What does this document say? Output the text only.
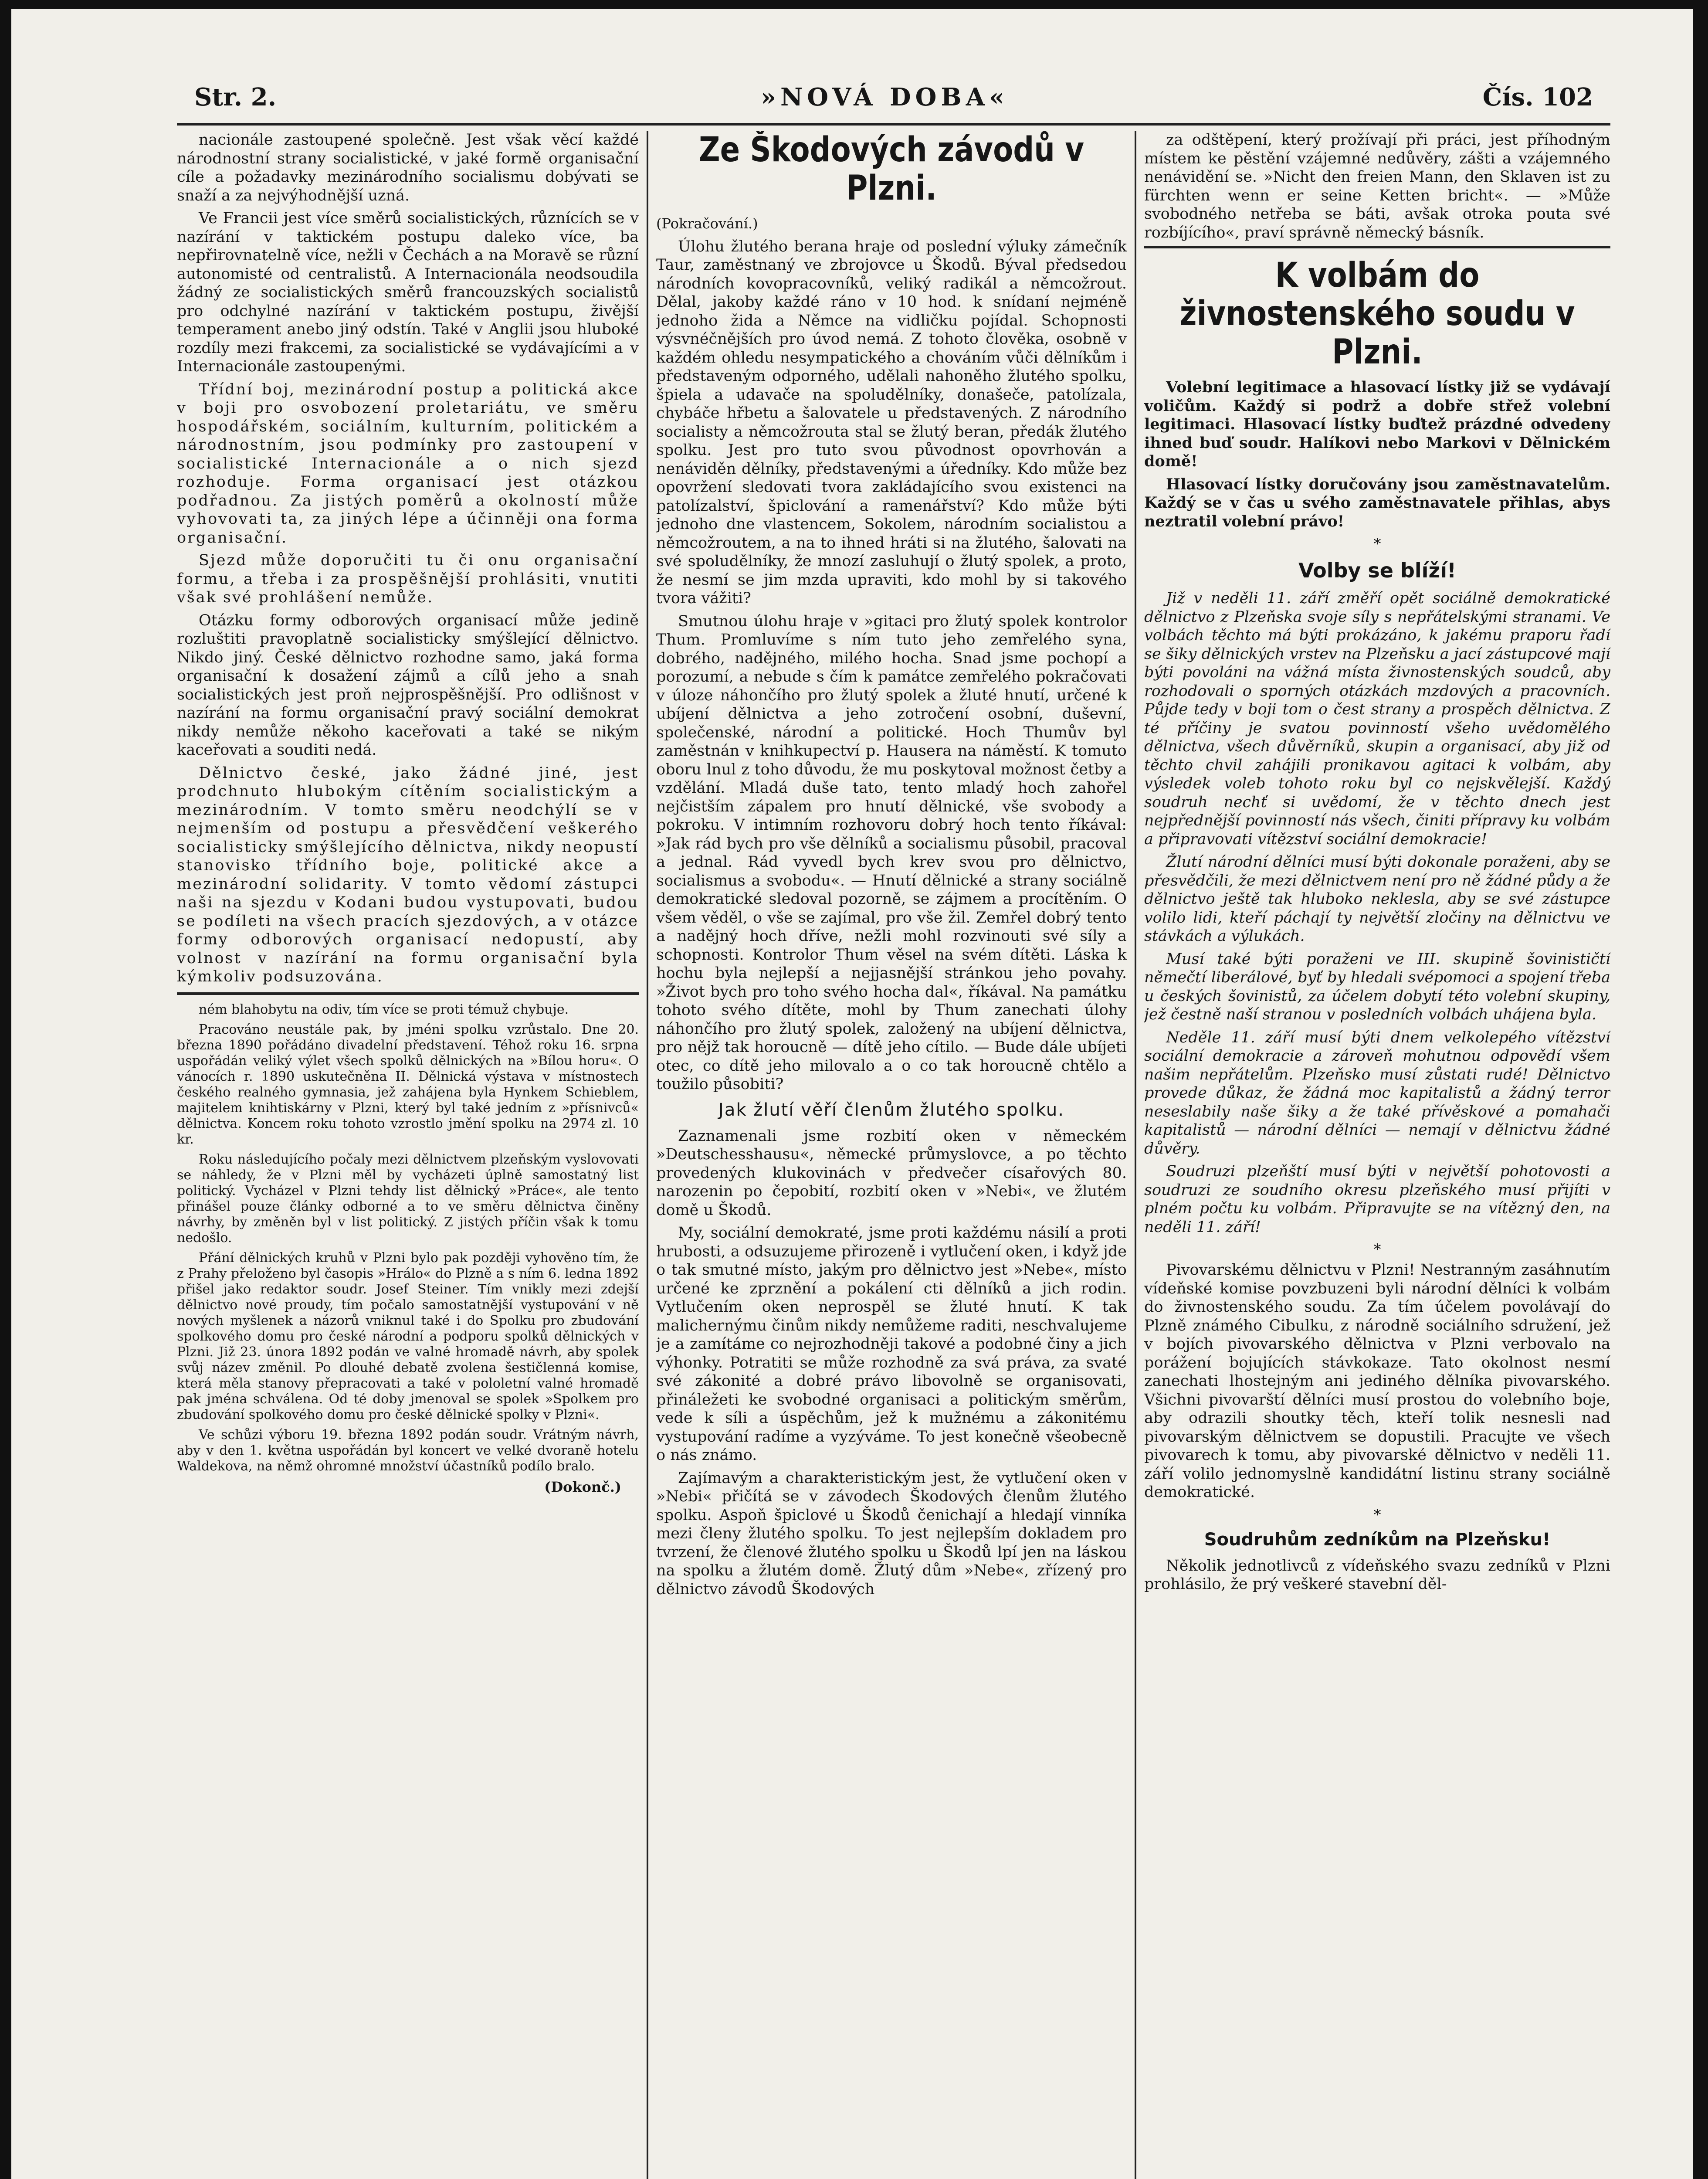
Str. 2.	»NOVÁ DOBA«	Čís. 102

nacionále zastoupené společně. Jest však věcí každé národnostní strany socialistické, v jaké formě organisační cíle a požadavky mezinárodního socialismu dobývati se snaží a za nejvýhodnější uzná.

Ve Francii jest více směrů socialistických, různících se v nazírání v taktickém postupu daleko více, ba nepřirovnatelně více, nežli v Čechách a na Moravě se různí autonomisté od centralistů. A Internacionála neodsoudila žádný ze socialistických směrů francouzských socialistů pro odchylné nazírání v taktickém postupu, živější temperament anebo jiný odstín. Také v Anglii jsou hluboké rozdíly mezi frakcemi, za socialistické se vydávajícími a v Internacionále zastoupenými.

Třídní boj, mezinárodní postup a politická akce v boji pro osvobození proletariátu, ve směru hospodářském, sociálním, kulturním, politickém a národnostním, jsou podmínky pro zastoupení v socialistické Internacionále a o nich sjezd rozhoduje. Forma organisací jest otázkou podřadnou. Za jistých poměrů a okolností může vyhovovati ta, za jiných lépe a účinněji ona forma organisační.

Sjezd může doporučiti tu či onu organisační formu, a třeba i za prospěšnější prohlásiti, vnutiti však své prohlášení nemůže.

Otázku formy odborových organisací může jedině rozluštiti pravoplatně socialisticky smýšlející dělnictvo. Nikdo jiný. České dělnictvo rozhodne samo, jaká forma organisační k dosažení zájmů a cílů jeho a snah socialistických jest proň nejprospěšnější. Pro odlišnost v nazírání na formu organisační pravý sociální demokrat nikdy nemůže někoho kaceřovati a také se nikým kaceřovati a souditi nedá.

Dělnictvo české, jako žádné jiné, jest prodchnuto hlubokým cítěním socialistickým a mezinárodním. V tomto směru neodchýlí se v nejmenším od postupu a přesvědčení veškerého socialisticky smýšlejícího dělnictva, nikdy neopustí stanovisko třídního boje, politické akce a mezinárodní solidarity. V tomto vědomí zástupci naši na sjezdu v Kodani budou vystupovati, budou se podíleti na všech pracích sjezdových, a v otázce formy odborových organisací nedopustí, aby volnost v nazírání na formu organisační byla kýmkoliv podsuzována.

ném blahobytu na odiv, tím více se proti témuž chybuje.

Pracováno neustále pak, by jméni spolku vzrůstalo. Dne 20. března 1890 pořádáno divadelní představení. Téhož roku 16. srpna uspořádán veliký výlet všech spolků dělnických na »Bílou horu«. O vánocích r. 1890 uskutečněna II. Dělnická výstava v místnostech českého realného gymnasia, jež zahájena byla Hynkem Schieblem, majitelem knihtiskárny v Plzni, který byl také jedním z »přísnivců« dělnictva. Koncem roku tohoto vzrostlo jmění spolku na 2974 zl. 10 kr.

Roku následujícího počaly mezi dělnictvem plzeňským vyslovovati se náhledy, že v Plzni měl by vycházeti úplně samostatný list politický. Vycházel v Plzni tehdy list dělnický »Práce«, ale tento přinášel pouze články odborné a to ve směru dělnictva činěny návrhy, by změněn byl v list politický. Z jistých příčin však k tomu nedošlo.

Přání dělnických kruhů v Plzni bylo pak později vyhověno tím, že z Prahy přeloženo byl časopis »Hrálo« do Plzně a s ním 6. ledna 1892 přišel jako redaktor soudr. Josef Steiner. Tím vnikly mezi zdejší dělnictvo nové proudy, tím počalo samostatnější vystupování v ně nových myšlenek a názorů vniknul také i do Spolku pro zbudování spolkového domu pro české národní a podporu spolků dělnických v Plzni. Již 23. února 1892 podán ve valné hromadě návrh, aby spolek svůj název změnil. Po dlouhé debatě zvolena šestičlenná komise, která měla stanovy přepracovati a také v pololetní valné hromadě pak jména schválena. Od té doby jmenoval se spolek »Spolkem pro zbudování spolkového domu pro české dělnické spolky v Plzni«.

Ve schůzi výboru 19. března 1892 podán soudr. Vrátným návrh, aby v den 1. května uspořádán byl koncert ve velké dvoraně hotelu Waldekova, na němž ohromné množství účastníků podílo bralo.

(Dokonč.)
Ze Škodových závodů v Plzni.

(Pokračování.)

Úlohu žlutého berana hraje od poslední výluky zámečník Taur, zaměstnaný ve zbrojovce u Škodů. Býval předsedou národních kovopracovníků, veliký radikál a němcožrout. Dělal, jakoby každé ráno v 10 hod. k snídaní nejméně jednoho žida a Němce na vidličku pojídal. Schopnosti výsvnéčnějších pro úvod nemá. Z tohoto člověka, osobně v každém ohledu nesympatického a chováním vůči dělníkům i představeným odporného, udělali nahoněho žlutého spolku, špiela a udavače na spoludělníky, donašeče, patolízala, chybáče hřbetu a šalovatele u představených. Z národního socialisty a němcožrouta stal se žlutý beran, předák žlutého spolku. Jest pro tuto svou původnost opovrhován a nenáviděn dělníky, představenými a úředníky. Kdo může bez opovržení sledovati tvora zakládajícího svou existenci na patolízalství, špiclování a ramenářství? Kdo může býti jednoho dne vlastencem, Sokolem, národním socialistou a němcožroutem, a na to ihned hráti si na žlutého, šalovati na své spoludělníky, že mnozí zasluhují o žlutý spolek, a proto, že nesmí se jim mzda upraviti, kdo mohl by si takového tvora vážiti?

Smutnou úlohu hraje v »gitaci pro žlutý spolek kontrolor Thum. Promluvíme s ním tuto jeho zemřelého syna, dobrého, nadějného, milého hocha. Snad jsme pochopí a porozumí, a nebude s čím k památce zemřelého pokračovati v úloze náhončího pro žlutý spolek a žluté hnutí, určené k ubíjení dělnictva a jeho zotročení osobní, duševní, společenské, národní a politické. Hoch Thumův byl zaměstnán v knihkupectví p. Hausera na náměstí. K tomuto oboru lnul z toho důvodu, že mu poskytoval možnost četby a vzdělání. Mladá duše tato, tento mladý hoch zahořel nejčistším zápalem pro hnutí dělnické, vše svobody a pokroku. V intimním rozhovoru dobrý hoch tento říkával: »Jak rád bych pro vše dělníků a socialismu působil, pracoval a jednal. Rád vyvedl bych krev svou pro dělnictvo, socialismus a svobodu«. — Hnutí dělnické a strany sociálně demokratické sledoval pozorně, se zájmem a procítěním. O všem věděl, o vše se zajímal, pro vše žil. Zemřel dobrý tento a nadějný hoch dříve, nežli mohl rozvinouti své síly a schopnosti. Kontrolor Thum věsel na svém dítěti. Láska k hochu byla nejlepší a nejjasnější stránkou jeho povahy. »Život bych pro toho svého hocha dal«, říkával. Na památku tohoto svého dítěte, mohl by Thum zanechati úlohy náhončího pro žlutý spolek, založený na ubíjení dělnictva, pro nějž tak horoucně — dítě jeho cítilo. — Bude dále ubíjeti otec, co dítě jeho milovalo a o co tak horoucně chtělo a toužilo působiti?

Jak žlutí věří členům žlutého spolku.

Zaznamenali jsme rozbití oken v německém »Deutschesshausu«, německé průmyslovce, a po těchto provedených klukovinách v předvečer císařových 80. narozenin po čepobití, rozbití oken v »Nebi«, ve žlutém domě u Škodů.

My, sociální demokraté, jsme proti každému násilí a proti hrubosti, a odsuzujeme přirozeně i vytlučení oken, i když jde o tak smutné místo, jakým pro dělnictvo jest »Nebe«, místo určené ke zprznění a pokálení cti dělníků a jich rodin. Vytlučením oken neprospěl se žluté hnutí. K tak malichernýmu činům nikdy nemůžeme raditi, neschvalujeme je a zamítáme co nejrozhodněji takové a podobné činy a jich výhonky. Potratiti se může rozhodně za svá práva, za svaté své zákonité a dobré právo libovolně se organisovati, přináležeti ke svobodné organisaci a politickým směrům, vede k síli a úspěchům, jež k mužnému a zákonitému vystupování radíme a vyzýváme. To jest konečně všeobecně o nás známo.

Zajímavým a charakteristickým jest, že vytlučení oken v »Nebi« přičítá se v závodech Škodových členům žlutého spolku. Aspoň špiclové u Škodů čenichají a hledají vinníka mezi členy žlutého spolku. To jest nejlepším dokladem pro tvrzení, že členové žlutého spolku u Škodů lpí jen na láskou na spolku a žlutém domě. Žlutý dům »Nebe«, zřízený pro dělnictvo závodů Škodových

za odštěpení, který prožívají při práci, jest příhodným místem ke pěstění vzájemné nedůvěry, zášti a vzájemného nenávidění se. »Nicht den freien Mann, den Sklaven ist zu fürchten wenn er seine Ketten bricht«. — »Může svobodného netřeba se báti, avšak otroka pouta své rozbíjícího«, praví správně německý básník.

K volbám do živnostenského soudu v Plzni.

Volební legitimace a hlasovací lístky již se vydávají voličům. Každý si podrž a dobře střež volební legitimaci. Hlasovací lístky buďtež prázdné odvedeny ihned buď soudr. Halíkovi nebo Markovi v Dělnickém domě!

Hlasovací lístky doručovány jsou zaměstnavatelům. Každý se v čas u svého zaměstnavatele přihlas, abys neztratil volební právo!

*
Volby se blíží!

Již v neděli 11. září změří opět sociálně demokratické dělnictvo z Plzeňska svoje síly s nepřátelskými stranami. Ve volbách těchto má býti prokázáno, k jakému praporu řadí se šiky dělnických vrstev na Plzeňsku a jací zástupcové mají býti povoláni na vážná místa živnostenských soudců, aby rozhodovali o sporných otázkách mzdových a pracovních. Půjde tedy v boji tom o čest strany a prospěch dělnictva. Z té příčiny je svatou povinností všeho uvědomělého dělnictva, všech důvěrníků, skupin a organisací, aby již od těchto chvil zahájili pronikavou agitaci k volbám, aby výsledek voleb tohoto roku byl co nejskvělejší. Každý soudruh nechť si uvědomí, že v těchto dnech jest nejpřednější povinností nás všech, činiti přípravy ku volbám a připravovati vítězství sociální demokracie!

Žlutí národní dělníci musí býti dokonale poraženi, aby se přesvědčili, že mezi dělnictvem není pro ně žádné půdy a že dělnictvo ještě tak hluboko neklesla, aby se své zástupce volilo lidi, kteří páchají ty největší zločiny na dělnictvu ve stávkách a výlukách.

Musí také býti poraženi ve III. skupině šovinističtí němečtí liberálové, byť by hledali svépomoci a spojení třeba u českých šovinistů, za účelem dobytí této volební skupiny, jež čestně naší stranou v posledních volbách uhájena byla.

Neděle 11. září musí býti dnem velkolepého vítězství sociální demokracie a zároveň mohutnou odpovědí všem našim nepřátelům. Plzeňsko musí zůstati rudé! Dělnictvo provede důkaz, že žádná moc kapitalistů a žádný terror neseslabily naše šiky a že také přívěskové a pomahači kapitalistů — národní dělníci — nemají v dělnictvu žádné důvěry.

Soudruzi plzeňští musí býti v největší pohotovosti a soudruzi ze soudního okresu plzeňského musí přijíti v plném počtu ku volbám. Připravujte se na vítězný den, na neděli 11. září!

*

Pivovarskému dělnictvu v Plzni! Nestranným zasáhnutím vídeňské komise povzbuzeni byli národní dělníci k volbám do živnostenského soudu. Za tím účelem povolávají do Plzně známého Cibulku, z národně sociálního sdružení, jež v bojích pivovarského dělnictva v Plzni verbovalo na porážení bojujících stávkokaze. Tato okolnost nesmí zanechati lhostejným ani jediného dělníka pivovarského. Všichni pivovarští dělníci musí prostou do volebního boje, aby odrazili shoutky těch, kteří tolik nesnesli nad pivovarským dělnictvem se dopustili. Pracujte ve všech pivovarech k tomu, aby pivovarské dělnictvo v neděli 11. září volilo jednomyslně kandidátní listinu strany sociálně demokratické.

*
Soudruhům zedníkům na Plzeňsku!

Několik jednotlivců z vídeňského svazu zedníků v Plzni prohlásilo, že prý veškeré stavební děl-
